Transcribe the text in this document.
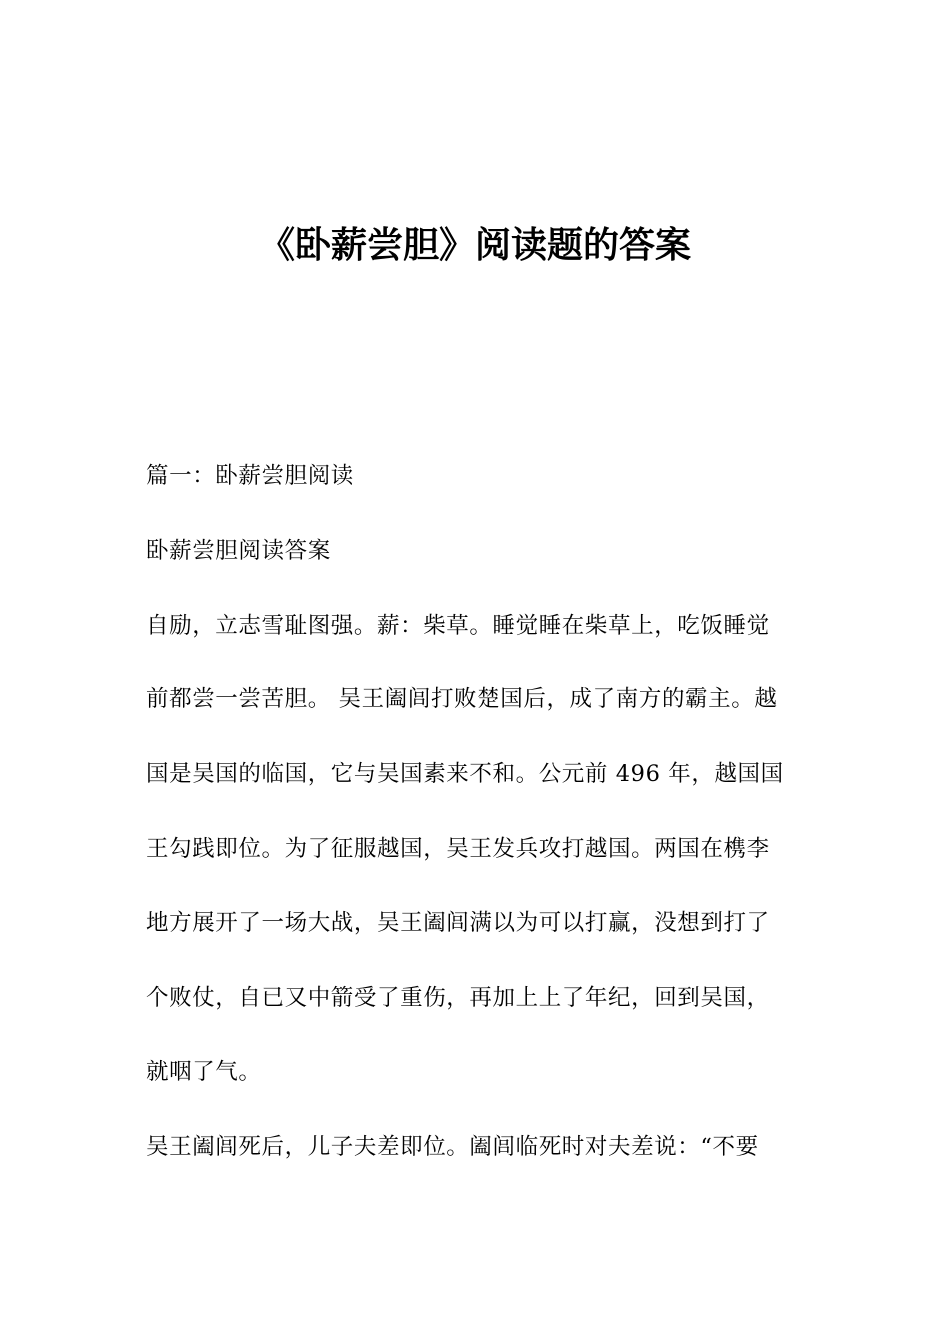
《卧薪尝胆》阅读题的答案
篇一：卧薪尝胆阅读
卧薪尝胆阅读答案
自励，立志雪耻图强。薪：柴草。睡觉睡在柴草上，吃饭睡觉
前都尝一尝苦胆。 吴王阖闾打败楚国后，成了南方的霸主。越
国是吴国的临国，它与吴国素来不和。公元前 496 年，越国国
王勾践即位。为了征服越国，吴王发兵攻打越国。两国在槜李
地方展开了一场大战，吴王阖闾满以为可以打赢，没想到打了
个败仗，自已又中箭受了重伤，再加上上了年纪，回到吴国，
就咽了气。
吴王阖闾死后，儿子夫差即位。阖闾临死时对夫差说：“不要
